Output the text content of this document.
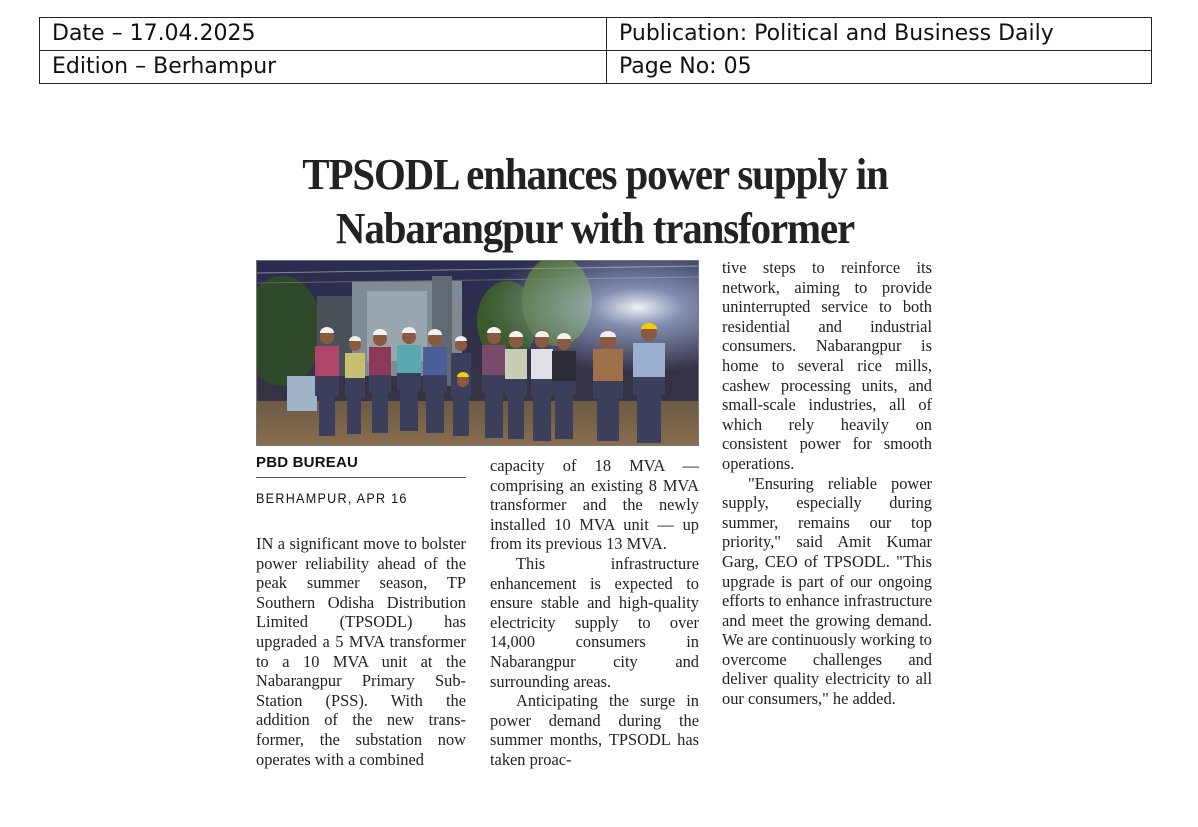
Date – 17.04.2025	Publication: Political and Business Daily
Edition – Berhampur	Page No: 05
TPSODL enhances power supply in
Nabarangpur with transformer
PBD BUREAU
BERHAMPUR, APR 16

IN a significant move to bolster power reliability ahead of the peak summer season, TP Southern Odisha Distribution Limited (TPSODL) has upgraded a 5 MVA transformer to a 10 MVA unit at the Nabarangpur Primary Sub-Station (PSS). With the addition of the new transformer, the substation now operates with a combined

capacity of 18 MVA — comprising an existing 8 MVA transformer and the newly installed 10 MVA unit — up from its previous 13 MVA.

This infrastructure enhancement is expected to ensure stable and high-quality electricity supply to over 14,000 consumers in Nabarangpur city and surrounding areas.

Anticipating the surge in power demand during the summer months, TPSODL has taken proac-

tive steps to reinforce its network, aiming to provide uninterrupted service to both residential and industrial consumers. Nabarangpur is home to several rice mills, cashew processing units, and small-scale industries, all of which rely heavily on consistent power for smooth operations.

"Ensuring reliable power supply, especially during summer, remains our top priority," said Amit Kumar Garg, CEO of TPSODL. "This upgrade is part of our ongoing efforts to enhance infrastructure and meet the growing demand. We are continuously working to overcome challenges and deliver quality electricity to all our consumers," he added.
